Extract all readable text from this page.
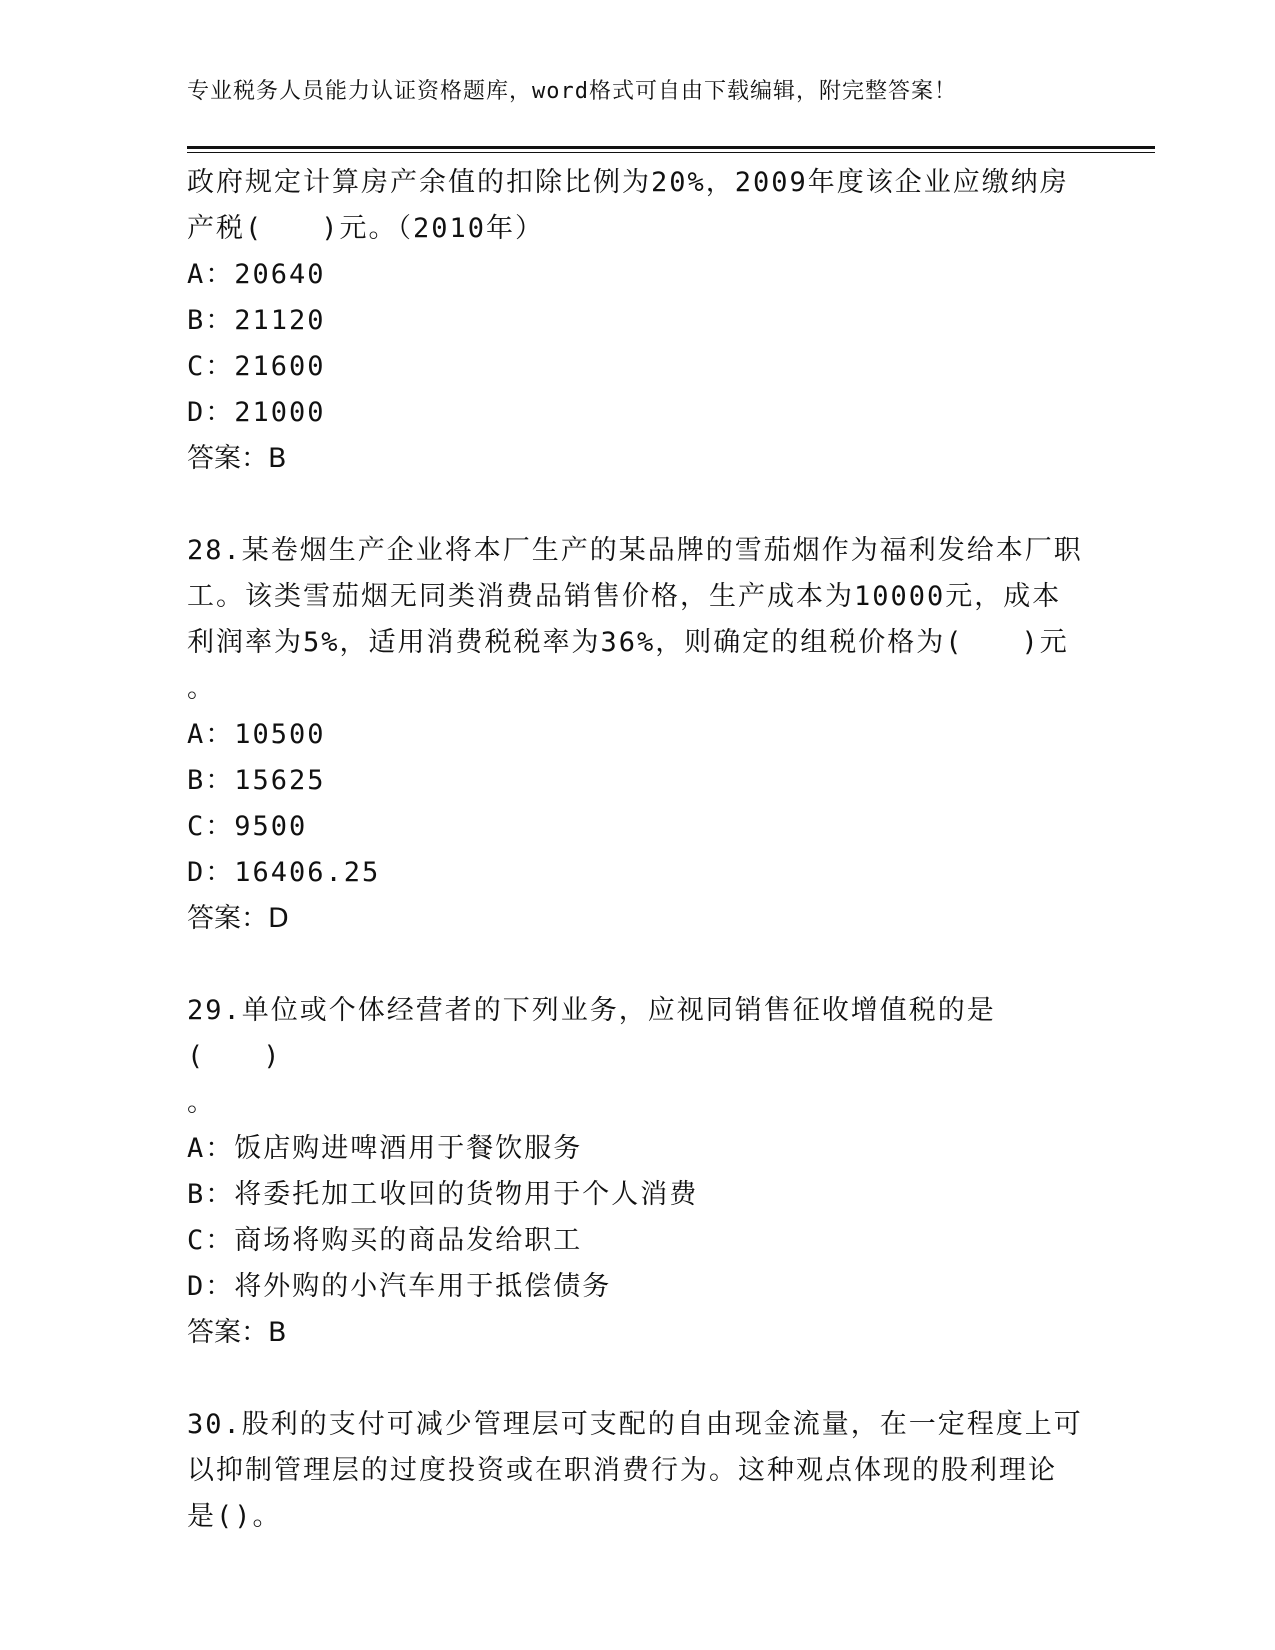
专业税务人员能力认证资格题库，word格式可自由下载编辑，附完整答案！
政府规定计算房产余值的扣除比例为20%，2009年度该企业应缴纳房
产税(　　)元。（2010年）
A：20640
B：21120
C：21600
D：21000
答案：B
28.某卷烟生产企业将本厂生产的某品牌的雪茄烟作为福利发给本厂职
工。该类雪茄烟无同类消费品销售价格，生产成本为10000元，成本
利润率为5%，适用消费税税率为36%，则确定的组税价格为(　　)元
。
A：10500
B：15625
C：9500
D：16406.25
答案：D
29.单位或个体经营者的下列业务，应视同销售征收增值税的是(　　)
。
A：饭店购进啤酒用于餐饮服务
B：将委托加工收回的货物用于个人消费
C：商场将购买的商品发给职工
D：将外购的小汽车用于抵偿债务
答案：B
30.股利的支付可减少管理层可支配的自由现金流量，在一定程度上可
以抑制管理层的过度投资或在职消费行为。这种观点体现的股利理论
是()。
